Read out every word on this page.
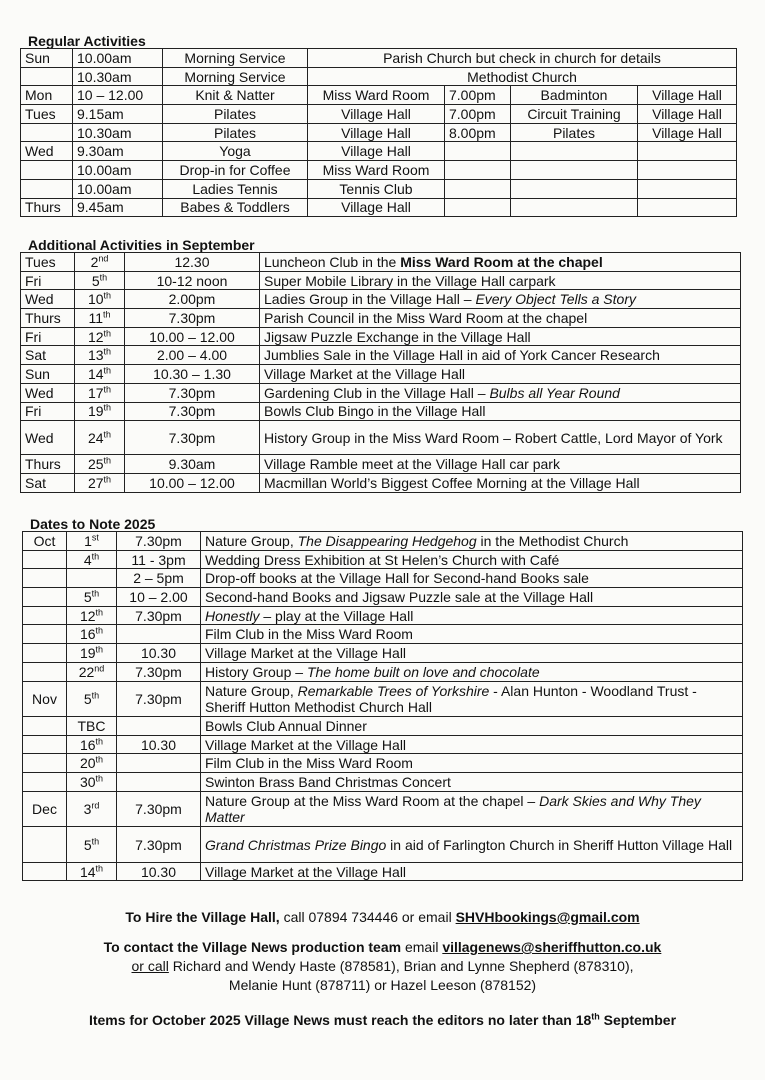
Regular Activities
Sun	10.00am	Morning Service	Parish Church but check in church for details			
	10.30am	Morning Service	Methodist Church			
Mon	10 – 12.00	Knit & Natter	Miss Ward Room	7.00pm	Badminton	Village Hall
Tues	9.15am	Pilates	Village Hall	7.00pm	Circuit Training	Village Hall
	10.30am	Pilates	Village Hall	8.00pm	Pilates	Village Hall
Wed	9.30am	Yoga	Village Hall			
	10.00am	Drop-in for Coffee	Miss Ward Room			
	10.00am	Ladies Tennis	Tennis Club			
Thurs	9.45am	Babes & Toddlers	Village Hall			
Additional Activities in September
Tues	2nd	12.30	Luncheon Club in the Miss Ward Room at the chapel
Fri	5th	10-12 noon	Super Mobile Library in the Village Hall carpark
Wed	10th	2.00pm	Ladies Group in the Village Hall – Every Object Tells a Story
Thurs	11th	7.30pm	Parish Council in the Miss Ward Room at the chapel
Fri	12th	10.00 – 12.00	Jigsaw Puzzle Exchange in the Village Hall
Sat	13th	2.00 – 4.00	Jumblies Sale in the Village Hall in aid of York Cancer Research
Sun	14th	10.30 – 1.30	Village Market at the Village Hall
Wed	17th	7.30pm	Gardening Club in the Village Hall – Bulbs all Year Round
Fri	19th	7.30pm	Bowls Club Bingo in the Village Hall
Wed	24th	7.30pm	History Group in the Miss Ward Room – Robert Cattle, Lord Mayor of York
Thurs	25th	9.30am	Village Ramble meet at the Village Hall car park
Sat	27th	10.00 – 12.00	Macmillan World’s Biggest Coffee Morning at the Village Hall
Dates to Note 2025
Oct	1st	7.30pm	Nature Group, The Disappearing Hedgehog in the Methodist Church
	4th	11 - 3pm	Wedding Dress Exhibition at St Helen’s Church with Café
		2 – 5pm	Drop-off books at the Village Hall for Second-hand Books sale
	5th	10 – 2.00	Second-hand Books and Jigsaw Puzzle sale at the Village Hall
	12th	7.30pm	Honestly – play at the Village Hall
	16th		Film Club in the Miss Ward Room
	19th	10.30	Village Market at the Village Hall
	22nd	7.30pm	History Group – The home built on love and chocolate
Nov	5th	7.30pm	Nature Group, Remarkable Trees of Yorkshire - Alan Hunton - Woodland Trust - Sheriff Hutton Methodist Church Hall
	TBC		Bowls Club Annual Dinner
	16th	10.30	Village Market at the Village Hall
	20th		Film Club in the Miss Ward Room
	30th		Swinton Brass Band Christmas Concert
Dec	3rd	7.30pm	Nature Group at the Miss Ward Room at the chapel – Dark Skies and Why They Matter
	5th	7.30pm	Grand Christmas Prize Bingo in aid of Farlington Church in Sheriff Hutton Village Hall
	14th	10.30	Village Market at the Village Hall
To Hire the Village Hall, call 07894 734446 or email SHVHbookings@gmail.com
To contact the Village News production team email villagenews@sheriffhutton.co.uk
or call Richard and Wendy Haste (878581), Brian and Lynne Shepherd (878310),
Melanie Hunt (878711) or Hazel Leeson (878152)
Items for October 2025 Village News must reach the editors no later than 18th September
